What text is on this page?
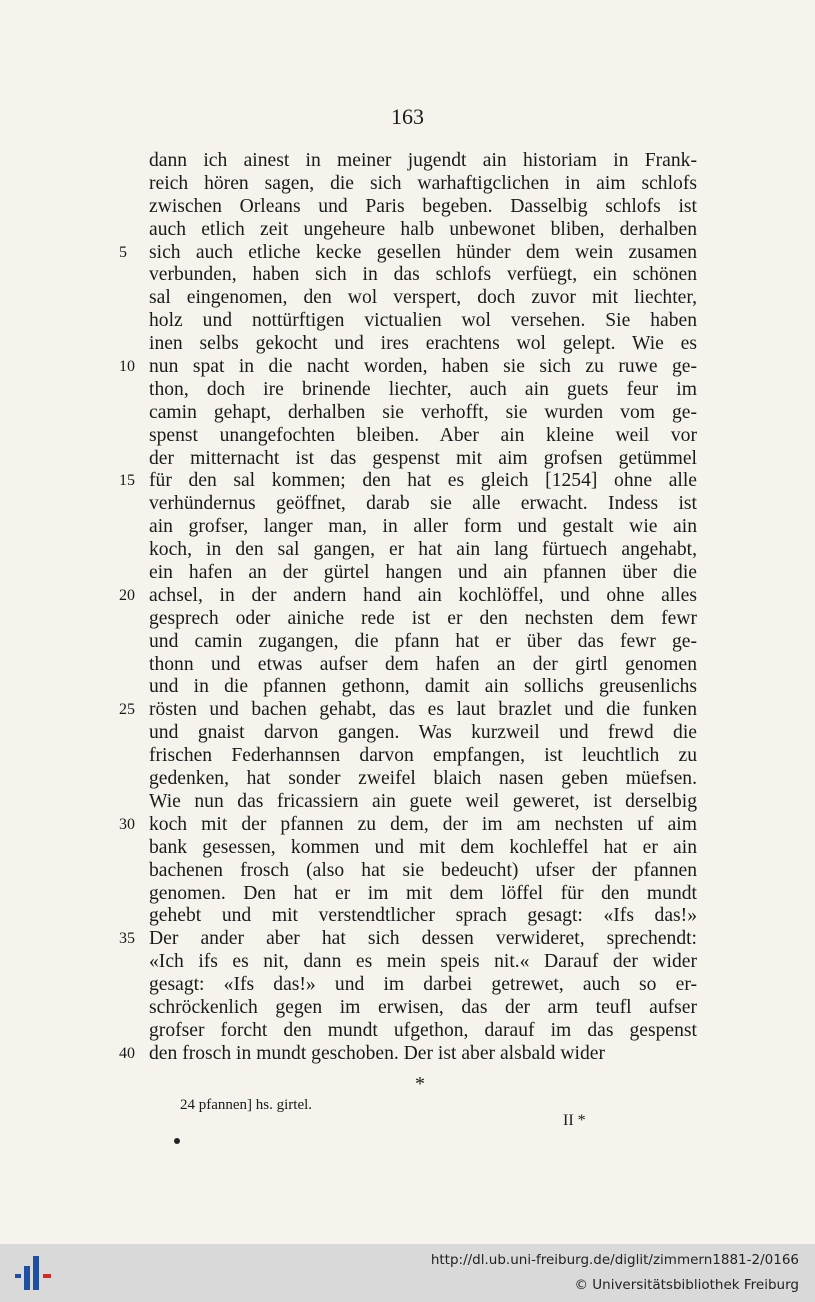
163
dann ich ainest in meiner jugendt ain historiam in Frank-
reich hören sagen, die sich warhaftigclichen in aim schlofs
zwischen Orleans und Paris begeben. Dasselbig schlofs ist
auch etlich zeit ungeheure halb unbewonet bliben, derhalben
5	sich auch etliche kecke gesellen hünder dem wein zusamen
verbunden, haben sich in das schlofs verfüegt, ein schönen
sal eingenomen, den wol verspert, doch zuvor mit liechter,
holz und nottürftigen victualien wol versehen. Sie haben
inen selbs gekocht und ires erachtens wol gelept. Wie es
10 nun spat in die nacht worden, haben sie sich zu ruwe ge-
thon, doch ire brinende liechter, auch ain guets feur im
camin gehapt, derhalben sie verhofft, sie wurden vom ge-
spenst unangefochten bleiben. Aber ain kleine weil vor
der mitternacht ist das gespenst mit aim grofsen getümmel
15 für den sal kommen; den hat es gleich [1254] ohne alle
verhündernus geöffnet, darab sie alle erwacht. Indess ist
ain grofser, langer man, in aller form und gestalt wie ain
koch, in den sal gangen, er hat ain lang fürtuech angehabt,
ein hafen an der gürtel hangen und ain pfannen über die
20 achsel, in der andern hand ain kochlöffel, und ohne alles
gesprech oder ainiche rede ist er den nechsten dem fewr
und camin zugangen, die pfann hat er über das fewr ge-
thonn und etwas aufser dem hafen an der girtl genomen
und in die pfannen gethonn, damit ain sollichs greusenlichs
25 rösten und bachen gehabt, das es laut brazlet und die funken
und gnaist darvon gangen. Was kurzweil und frewd die
frischen Federhannsen darvon empfangen, ist leuchtlich zu
gedenken, hat sonder zweifel blaich nasen geben müefsen.
Wie nun das fricassiern ain guete weil gewеret, ist derselbig
30 koch mit der pfannen zu dem, der im am nechsten uf aim
bank gesessen, kommen und mit dem kochleffel hat er ain
bachenen frosch (also hat sie bedeucht) ufser der pfannen
genomen. Den hat er im mit dem löffel für den mundt
gehebt und mit verstendtlicher sprach gesagt: «Ifs das!»
35 Der ander aber hat sich dessen verwideret, sprechendt:
«Ich ifs es nit, dann es mein speis nit.« Darauf der wider
gesagt: «Ifs das!» und im darbei getrewet, auch so er-
schröckenlich gegen im erwisen, das der arm teufl aufser
grofser forcht den mundt ufgethon, darauf im das gespenst
40 den frosch in mundt geschoben. Der ist aber alsbald wider
*
24 pfannen] hs. girtel.
II *
http://dl.ub.uni-freiburg.de/diglit/zimmern1881-2/0166
© Universitätsbibliothek Freiburg
